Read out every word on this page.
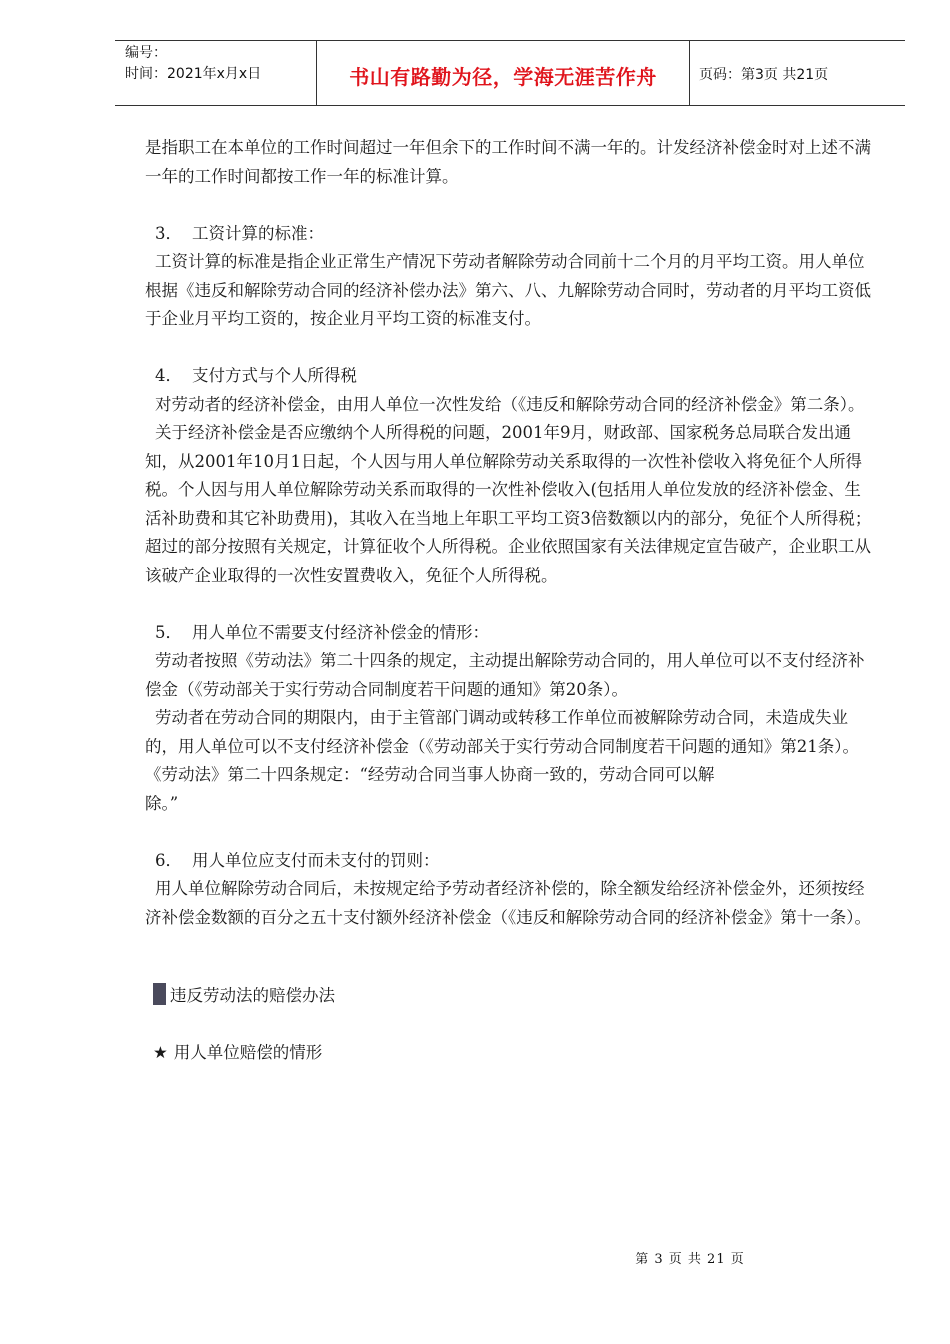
编号：
时间：2021年x月x日	书山有路勤为径，学海无涯苦作舟	页码：第3页 共21页

是指职工在本单位的工作时间超过一年但余下的工作时间不满一年的。计发经济补偿金时对上述不满一年的工作时间都按工作一年的标准计算。

3． 工资计算的标准：

工资计算的标准是指企业正常生产情况下劳动者解除劳动合同前十二个月的月平均工资。用人单位根据《违反和解除劳动合同的经济补偿办法》第六、八、九解除劳动合同时，劳动者的月平均工资低于企业月平均工资的，按企业月平均工资的标准支付。

4． 支付方式与个人所得税

对劳动者的经济补偿金，由用人单位一次性发给（《违反和解除劳动合同的经济补偿金》第二条）。

关于经济补偿金是否应缴纳个人所得税的问题，2001年9月，财政部、国家税务总局联合发出通知，从2001年10月1日起，个人因与用人单位解除劳动关系取得的一次性补偿收入将免征个人所得税。个人因与用人单位解除劳动关系而取得的一次性补偿收入(包括用人单位发放的经济补偿金、生活补助费和其它补助费用)，其收入在当地上年职工平均工资3倍数额以内的部分，免征个人所得税；超过的部分按照有关规定，计算征收个人所得税。企业依照国家有关法律规定宣告破产，企业职工从该破产企业取得的一次性安置费收入，免征个人所得税。

5． 用人单位不需要支付经济补偿金的情形：

劳动者按照《劳动法》第二十四条的规定，主动提出解除劳动合同的，用人单位可以不支付经济补偿金（《劳动部关于实行劳动合同制度若干问题的通知》第20条）。

劳动者在劳动合同的期限内，由于主管部门调动或转移工作单位而被解除劳动合同，未造成失业的，用人单位可以不支付经济补偿金（《劳动部关于实行劳动合同制度若干问题的通知》第21条）。

《劳动法》第二十四条规定：“经劳动合同当事人协商一致的，劳动合同可以解

除。”

6． 用人单位应支付而未支付的罚则：

用人单位解除劳动合同后，未按规定给予劳动者经济补偿的，除全额发给经济补偿金外，还须按经济补偿金数额的百分之五十支付额外经济补偿金（《违反和解除劳动合同的经济补偿金》第十一条）。

违反劳动法的赔偿办法

★ 用人单位赔偿的情形

第 3 页 共 21 页
